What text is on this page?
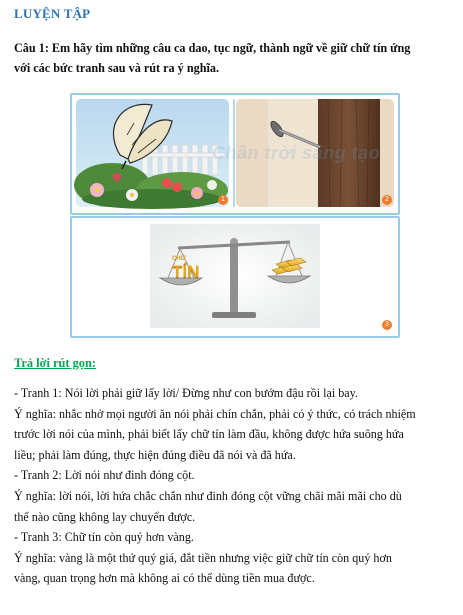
LUYỆN TẬP
Câu 1: Em hãy tìm những câu ca dao, tục ngữ, thành ngữ về giữ chữ tín ứng
với các bức tranh sau và rút ra ý nghĩa.
Chân trời sáng tạo
1	2
CHỮ
TÍN
3
Trả lời rút gọn:
- Tranh 1: Nói lời phải giữ lấy lời/ Đừng như con bướm đậu rồi lại bay.
Ý nghĩa: nhắc nhở mọi người ăn nói phải chín chắn, phải có ý thức, có trách nhiệm
trước lời nói của mình, phải biết lấy chữ tín làm đầu, không được hứa suông hứa
liều; phải làm đúng, thực hiện đúng điều đã nói và đã hứa.
- Tranh 2: Lời nói như đinh đóng cột.
Ý nghĩa: lời nói, lời hứa chắc chắn như đinh đóng cột vững chãi mãi mãi cho dù
thế nào cũng không lay chuyển được.
- Tranh 3: Chữ tín còn quý hơn vàng.
Ý nghĩa: vàng là một thứ quý giá, đắt tiền nhưng việc giữ chữ tín còn quý hơn
vàng, quan trọng hơn mà không ai có thể dùng tiền mua được.
